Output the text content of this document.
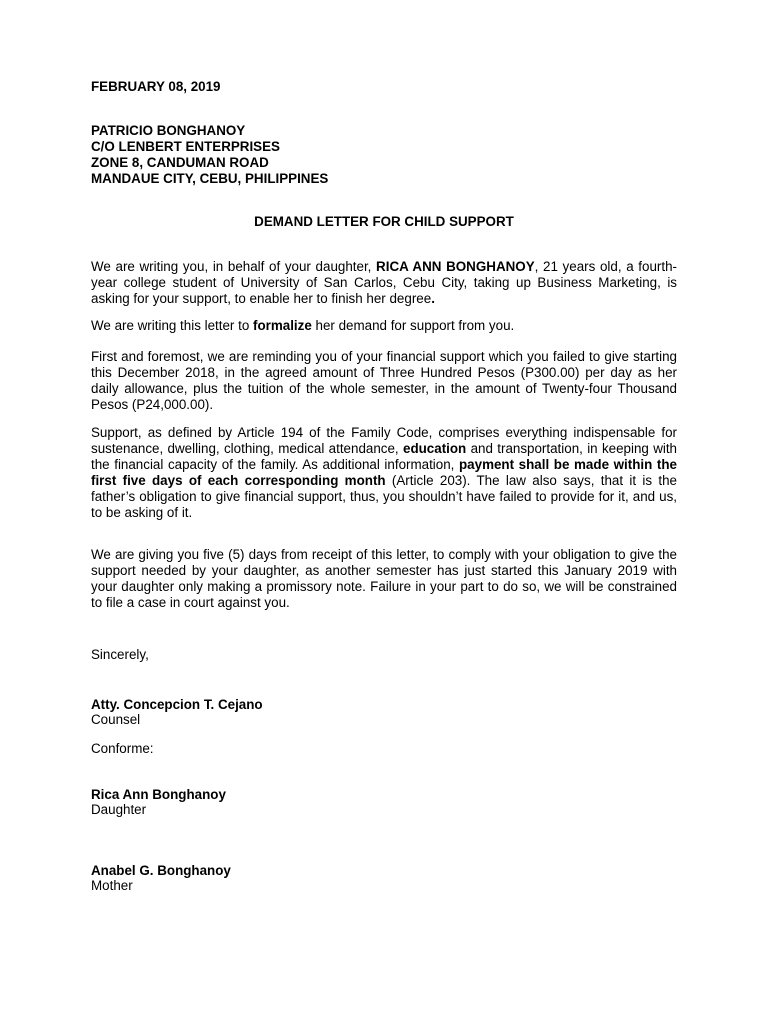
FEBRUARY 08, 2019
PATRICIO BONGHANOY
C/O LENBERT ENTERPRISES
ZONE 8, CANDUMAN ROAD
MANDAUE CITY, CEBU, PHILIPPINES
DEMAND LETTER FOR CHILD SUPPORT

We are writing you, in behalf of your daughter, RICA ANN BONGHANOY, 21 years old, a fourth-year college student of University of San Carlos, Cebu City, taking up Business Marketing, is asking for your support, to enable her to finish her degree.

We are writing this letter to formalize her demand for support from you.

First and foremost, we are reminding you of your financial support which you failed to give starting this December 2018, in the agreed amount of Three Hundred Pesos (P300.00) per day as her daily allowance, plus the tuition of the whole semester, in the amount of Twenty-four Thousand Pesos (P24,000.00).

Support, as defined by Article 194 of the Family Code, comprises everything indispensable for sustenance, dwelling, clothing, medical attendance, education and transportation, in keeping with the financial capacity of the family. As additional information, payment shall be made within the first five days of each corresponding month (Article 203). The law also says, that it is the father’s obligation to give financial support, thus, you shouldn’t have failed to provide for it, and us, to be asking of it.

We are giving you five (5) days from receipt of this letter, to comply with your obligation to give the support needed by your daughter, as another semester has just started this January 2019 with your daughter only making a promissory note. Failure in your part to do so, we will be constrained to file a case in court against you.

Sincerely,
Atty. Concepcion T. Cejano
Counsel
Conforme:
Rica Ann Bonghanoy
Daughter
Anabel G. Bonghanoy
Mother
